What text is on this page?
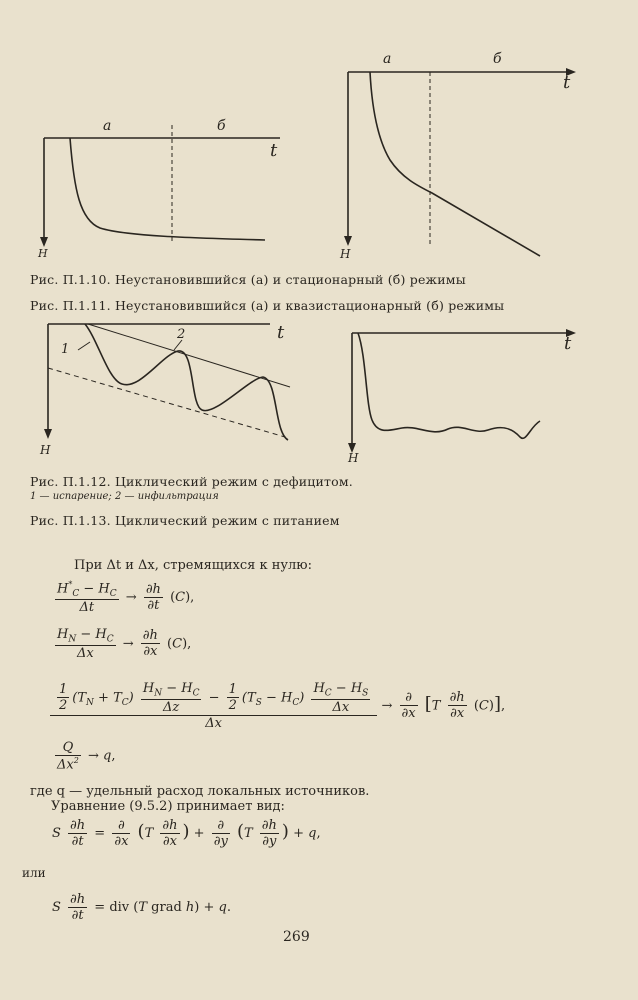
a	б
t
H
a	б
t
H
Рис. П.1.10. Неустановившийся (а) и стационарный (б) режимы
Рис. П.1.11. Неустановившийся (а) и квазистационарный (б) режимы
1
2	t
H
t
H
Рис. П.1.12. Циклический режим с дефицитом.
1 — испарение; 2 — инфильтрация
Рис. П.1.13. Циклический режим с питанием
При Δt и Δx, стремящихся к нулю:
$\frac{H^*_C - H_C}{\Delta t} \to \frac{\partial h}{\partial t} (C)$,
$\frac{H_N - H_C}{\Delta x} \to \frac{\partial h}{\partial x} (C)$,
$\frac{1}{2} (T_N + T_C) \frac{H_N - H_C}{\Delta z} - \frac{1}{2} (T_S - H_C) \frac{H_C - H_S}{\Delta x}$
Δx
→ $\frac{\partial}{\partial x} [T \frac{\partial h}{\partial x} (C)]$,
$\frac{Q}{\Delta x^2} \to q$,
где q — удельный расход локальных источников.
Уравнение (9.5.2) принимает вид:
S $\frac{\partial h}{\partial t} = \frac{\partial}{\partial x} (T \frac{\partial h}{\partial x}$ ) + $\frac{\partial}{\partial y} (T \frac{\partial h}{\partial y}$ ) + q,
или
S $\frac{\partial h}{\partial t}$ = div (T grad h) + q.
269
